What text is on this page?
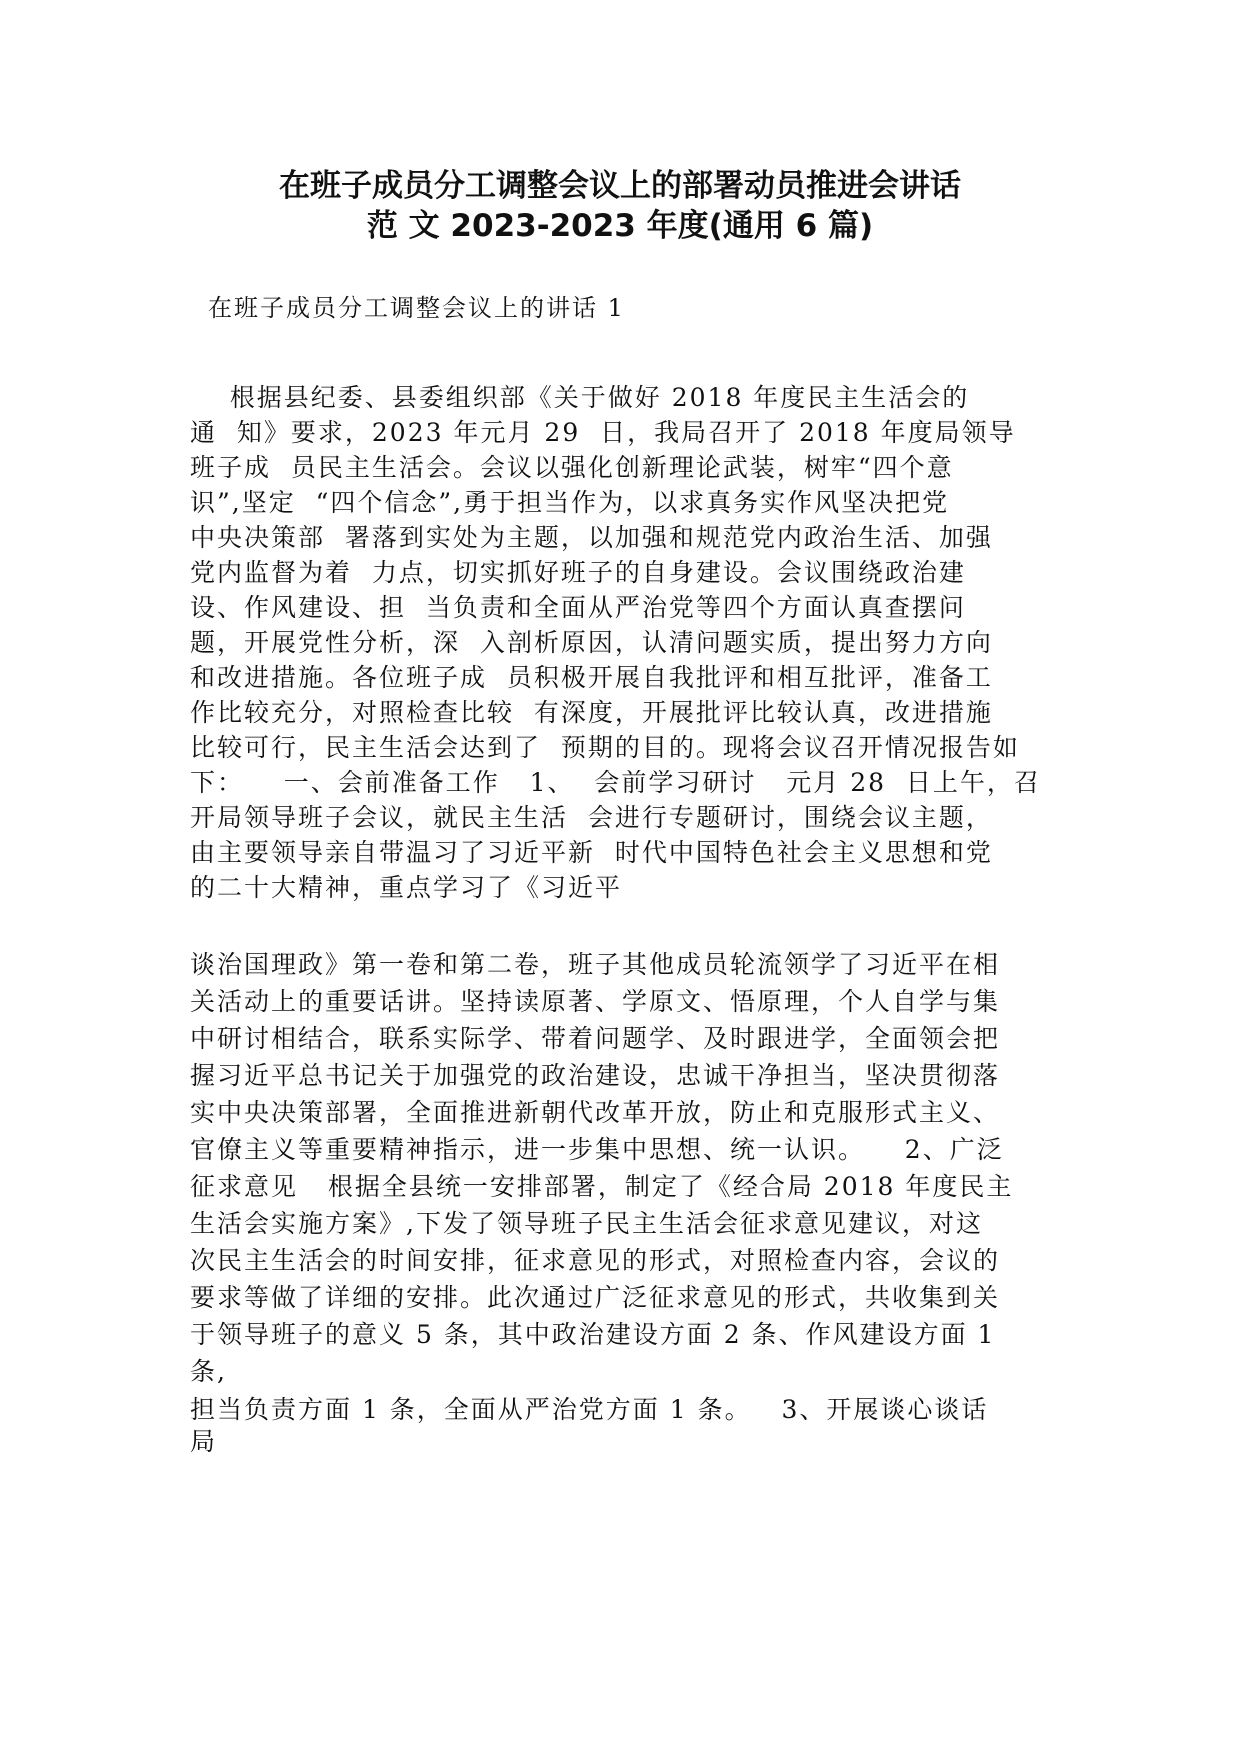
在班子成员分工调整会议上的部署动员推进会讲话
范 文 2023-2023 年度(通用 6 篇)
在班子成员分工调整会议上的讲话 1
根据县纪委、县委组织部《关于做好 2018 年度民主生活会的
通  知》要求，2023 年元月 29  日，我局召开了 2018 年度局领导
班子成  员民主生活会。会议以强化创新理论武装，树牢“四个意
识”,坚定  “四个信念”,勇于担当作为，以求真务实作风坚决把党
中央决策部  署落到实处为主题，以加强和规范党内政治生活、加强
党内监督为着  力点，切实抓好班子的自身建设。会议围绕政治建
设、作风建设、担  当负责和全面从严治党等四个方面认真查摆问
题，开展党性分析，深  入剖析原因，认清问题实质，提出努力方向
和改进措施。各位班子成  员积极开展自我批评和相互批评，准备工
作比较充分，对照检查比较  有深度，开展批评比较认真，改进措施
比较可行，民主生活会达到了  预期的目的。现将会议召开情况报告如
下：    一、会前准备工作   1、  会前学习研讨   元月 28  日上午，召
开局领导班子会议，就民主生活  会进行专题研讨，围绕会议主题，
由主要领导亲自带温习了习近平新  时代中国特色社会主义思想和党
的二十大精神，重点学习了《习近平
谈治国理政》第一卷和第二卷，班子其他成员轮流领学了习近平在相
关活动上的重要话讲。坚持读原著、学原文、悟原理，个人自学与集
中研讨相结合，联系实际学、带着问题学、及时跟进学，全面领会把
握习近平总书记关于加强党的政治建设，忠诚干净担当，坚决贯彻落
实中央决策部署，全面推进新朝代改革开放，防止和克服形式主义、
官僚主义等重要精神指示，进一步集中思想、统一认识。    2、广泛
征求意见   根据全县统一安排部署，制定了《经合局 2018 年度民主
生活会实施方案》,下发了领导班子民主生活会征求意见建议，对这
次民主生活会的时间安排，征求意见的形式，对照检查内容，会议的
要求等做了详细的安排。此次通过广泛征求意见的形式，共收集到关
于领导班子的意义 5 条，其中政治建设方面 2 条、作风建设方面 1
条,
担当负责方面 1 条，全面从严治党方面 1 条。   3、开展谈心谈话
局
